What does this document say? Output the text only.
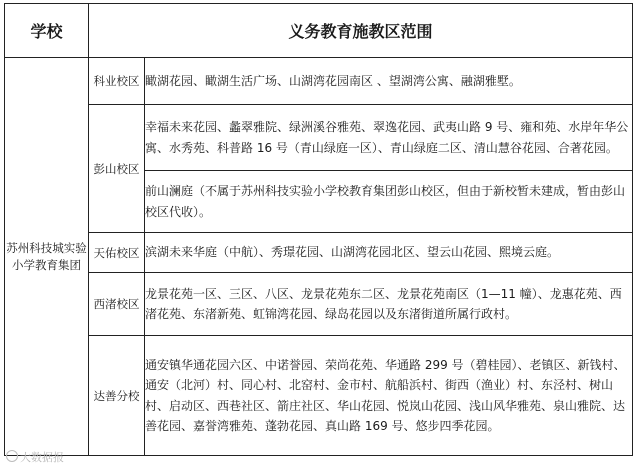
学校	义务教育施教区范围	
苏州科技城实验小学教育集团	科业校区	瞰湖花园、瞰湖生活广场、山湖湾花园南区 、望湖湾公寓、融湖雅墅。
	彭山校区	幸福未来花园、蠡翠雅院、绿洲溪谷雅苑、翠逸花园、武夷山路 9 号、雍和苑、水岸年华公寓、水秀苑、科普路 16 号（青山绿庭一区）、青山绿庭二区、清山慧谷花园、合著花园。
		前山澜庭（不属于苏州科技实验小学校教育集团彭山校区，但由于新校暂未建成，暂由彭山校区代收）。
	天佑校区	滨湖未来华庭（中航）、秀璟花园、山湖湾花园北区、望云山花园、熙境云庭。
	西渚校区	龙景花苑一区、三区、八区、龙景花苑东二区、龙景花苑南区（1—11 幢）、龙惠花苑、西渚花苑、东渚新苑、虹锦湾花园、绿岛花园以及东渚街道所属行政村。
	达善分校	通安镇华通花园六区、中诺誉园、荣尚花苑、华通路 299 号（碧桂园）、老镇区、新钱村、通安（北河）村、同心村、北窑村、金市村、航船浜村、街西（渔业）村、东泾村、树山村、启动区、西巷社区、箭庄社区、华山花园、悦岚山花园、浅山风华雅苑、泉山雅院、达善花园、嘉誉湾雅苑、蓬勃花园、真山路 169 号、悠步四季花园。
大数据报
